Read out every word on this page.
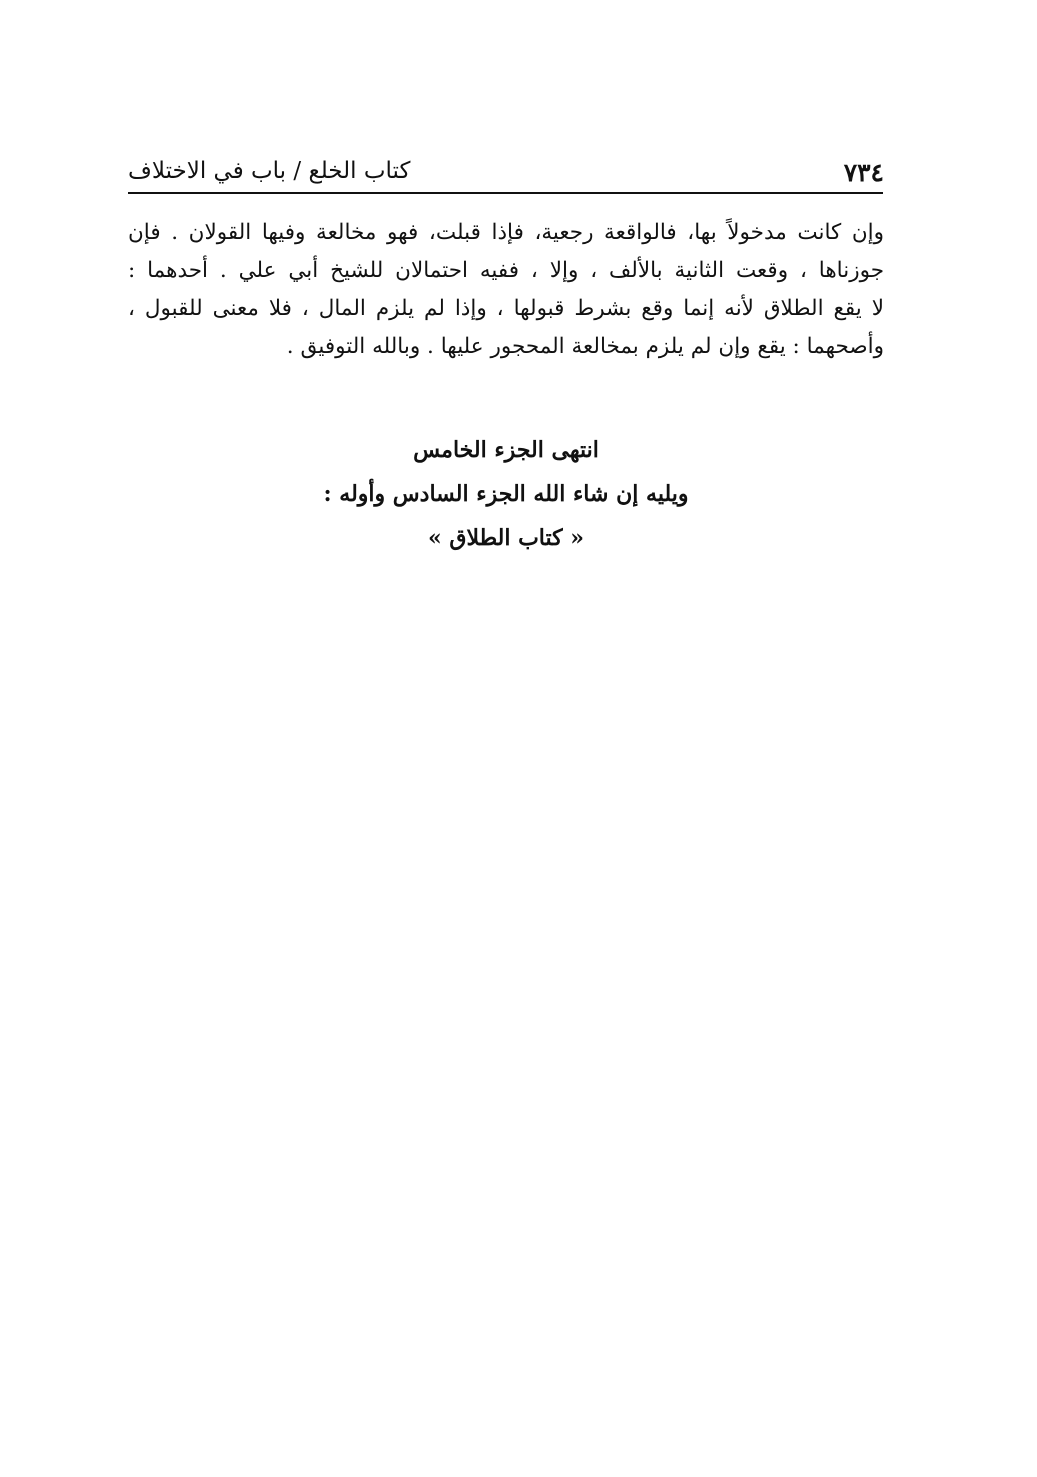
٧٣٤
كتاب الخلع / باب في الاختلاف
وإن كانت مدخولاً بها، فالواقعة رجعية، فإذا قبلت، فهو مخالعة وفيها القولان . فإن
جوزناها ، وقعت الثانية بالألف ، وإلا ، ففيه احتمالان للشيخ أبي علي . أحدهما :
لا يقع الطلاق لأنه إنما وقع بشرط قبولها ، وإذا لم يلزم المال ، فلا معنى للقبول ،
وأصحهما : يقع وإن لم يلزم بمخالعة المحجور عليها . وبالله التوفيق .
انتهى الجزء الخامس
ويليه إن شاء الله الجزء السادس وأوله :
« كتاب الطلاق »
